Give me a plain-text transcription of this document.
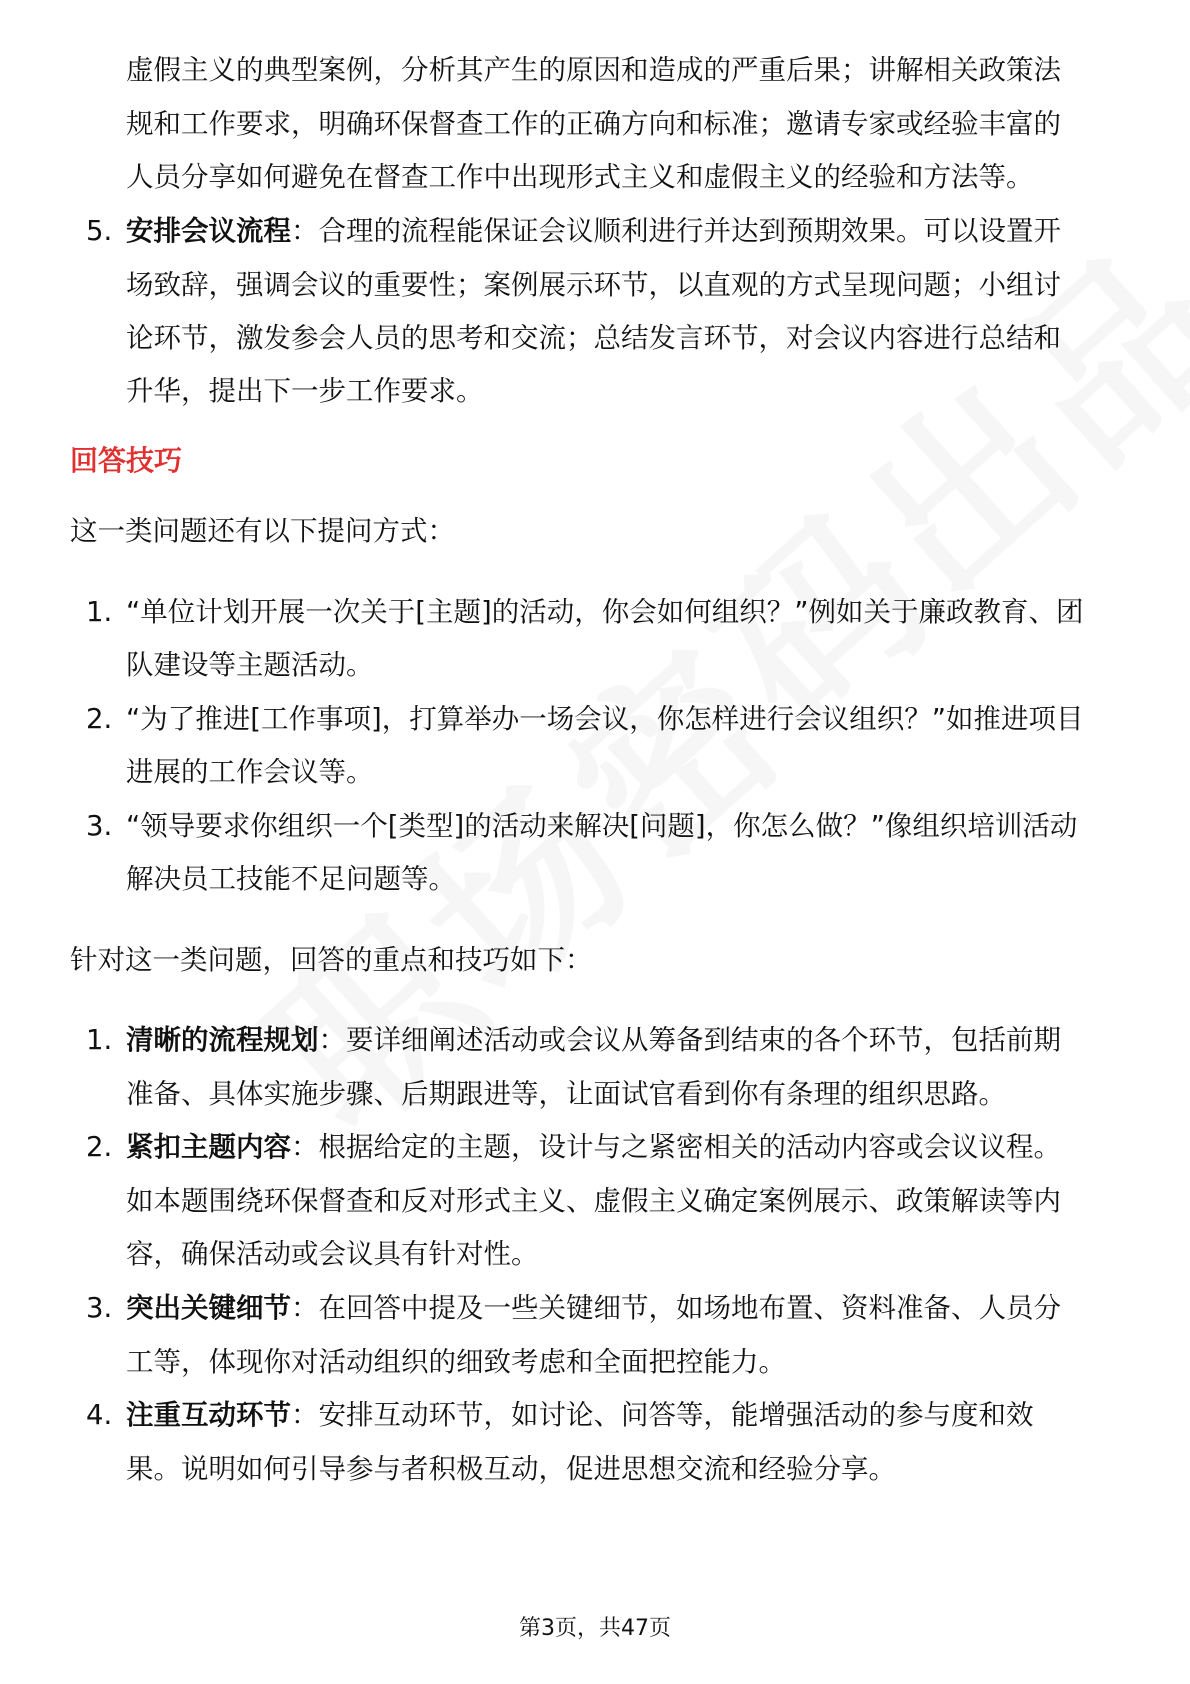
虚假主义的典型案例，分析其产生的原因和造成的严重后果；讲解相关政策法
规和工作要求，明确环保督查工作的正确方向和标准；邀请专家或经验丰富的
人员分享如何避免在督查工作中出现形式主义和虚假主义的经验和方法等。
5. 安排会议流程：合理的流程能保证会议顺利进行并达到预期效果。可以设置开
场致辞，强调会议的重要性；案例展示环节，以直观的方式呈现问题；小组讨
论环节，激发参会人员的思考和交流；总结发言环节，对会议内容进行总结和
升华，提出下一步工作要求。
回答技巧
这一类问题还有以下提问方式：
1. “单位计划开展一次关于[主题]的活动，你会如何组织？”例如关于廉政教育、团
队建设等主题活动。
2. “为了推进[工作事项]，打算举办一场会议，你怎样进行会议组织？”如推进项目
进展的工作会议等。
3. “领导要求你组织一个[类型]的活动来解决[问题]，你怎么做？”像组织培训活动
解决员工技能不足问题等。
针对这一类问题，回答的重点和技巧如下：
1. 清晰的流程规划：要详细阐述活动或会议从筹备到结束的各个环节，包括前期
准备、具体实施步骤、后期跟进等，让面试官看到你有条理的组织思路。
2. 紧扣主题内容：根据给定的主题，设计与之紧密相关的活动内容或会议议程。
如本题围绕环保督查和反对形式主义、虚假主义确定案例展示、政策解读等内
容，确保活动或会议具有针对性。
3. 突出关键细节：在回答中提及一些关键细节，如场地布置、资料准备、人员分
工等，体现你对活动组织的细致考虑和全面把控能力。
4. 注重互动环节：安排互动环节，如讨论、问答等，能增强活动的参与度和效
果。说明如何引导参与者积极互动，促进思想交流和经验分享。
第3页，共47页
